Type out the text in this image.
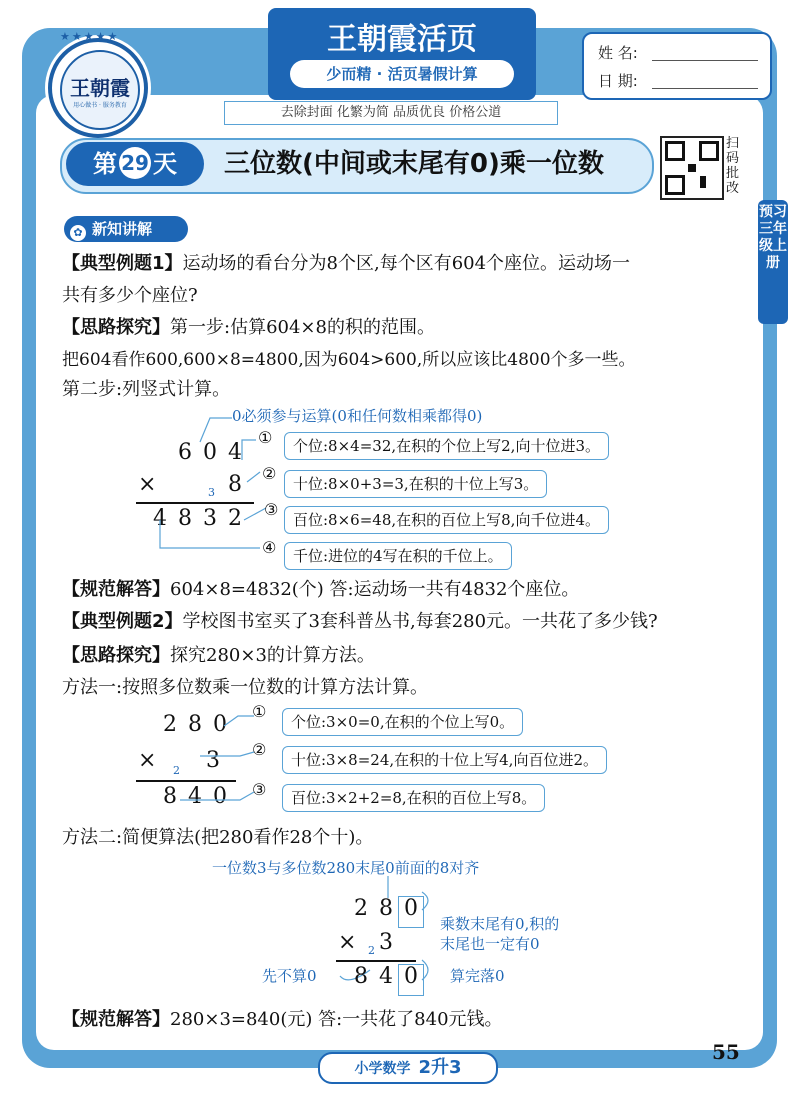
王朝霞
用心做书 · 服务教育
★★★★★	王朝霞活页
少而精 · 活页暑假计算
去除封面 化繁为简 品质优良 价格公道
姓 名:
日 期:
第 29 天	三位数(中间或末尾有0)乘一位数
扫码批改
预习三年级上册
✿ 新知讲解
【典型例题1】运动场的看台分为8个区,每个区有604个座位。运动场一
共有多少个座位?
【思路探究】第一步:估算604×8的积的范围。
把604看作600,600×8=4800,因为604>600,所以应该比4800个多一些。
第二步:列竖式计算。
0必须参与运算(0和任何数相乘都得0)
6 0 4
×	3 8
4 8 3 2
①	个位:8×4=32,在积的个位上写2,向十位进3。
②
十位:8×0+3=3,在积的十位上写3。
③
百位:8×6=48,在积的百位上写8,向千位进4。
④	千位:进位的4写在积的千位上。
【规范解答】604×8=4832(个) 答:运动场一共有4832个座位。
【典型例题2】学校图书室买了3套科普丛书,每套280元。一共花了多少钱?
【思路探究】探究280×3的计算方法。
方法一:按照多位数乘一位数的计算方法计算。
2 8 0
× 2 3
8 4 0
①
个位:3×0=0,在积的个位上写0。
②
十位:3×8=24,在积的十位上写4,向百位进2。
③	百位:3×2+2=8,在积的百位上写8。
方法二:简便算法(把280看作28个十)。
一位数3与多位数280末尾0前面的8对齐
2 8 0
× 2 3
8 4 0
乘数末尾有0,积的
末尾也一定有0
先不算0	算完落0
【规范解答】280×3=840(元) 答:一共花了840元钱。
小学数学 2升3
55
